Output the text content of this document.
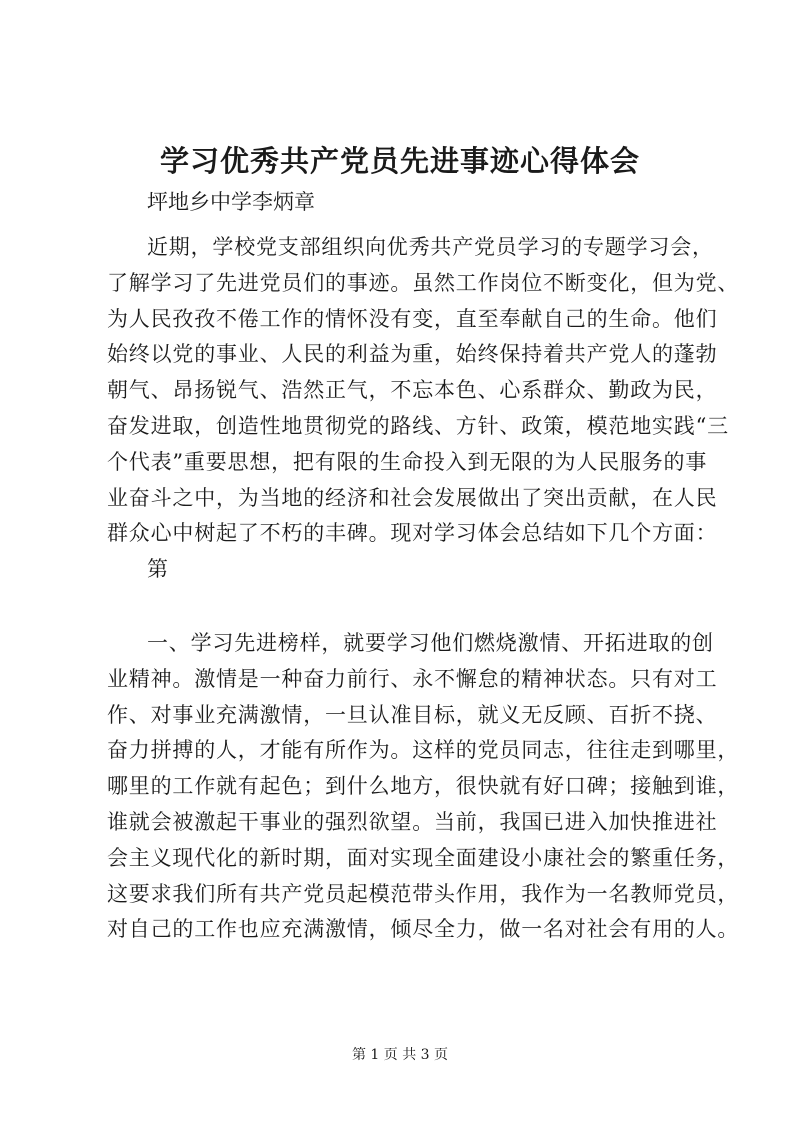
学习优秀共产党员先进事迹心得体会
坪地乡中学李炳章
近期，学校党支部组织向优秀共产党员学习的专题学习会，
了解学习了先进党员们的事迹。虽然工作岗位不断变化，但为党、
为人民孜孜不倦工作的情怀没有变，直至奉献自己的生命。他们
始终以党的事业、人民的利益为重，始终保持着共产党人的蓬勃
朝气、昂扬锐气、浩然正气，不忘本色、心系群众、勤政为民，
奋发进取，创造性地贯彻党的路线、方针、政策，模范地实践“三
个代表”重要思想，把有限的生命投入到无限的为人民服务的事
业奋斗之中，为当地的经济和社会发展做出了突出贡献，在人民
群众心中树起了不朽的丰碑。现对学习体会总结如下几个方面：
第
一、学习先进榜样，就要学习他们燃烧激情、开拓进取的创
业精神。激情是一种奋力前行、永不懈怠的精神状态。只有对工
作、对事业充满激情，一旦认准目标，就义无反顾、百折不挠、
奋力拼搏的人，才能有所作为。这样的党员同志，往往走到哪里，
哪里的工作就有起色；到什么地方，很快就有好口碑；接触到谁，
谁就会被激起干事业的强烈欲望。当前，我国已进入加快推进社
会主义现代化的新时期，面对实现全面建设小康社会的繁重任务，
这要求我们所有共产党员起模范带头作用，我作为一名教师党员，
对自己的工作也应充满激情，倾尽全力，做一名对社会有用的人。
第 1 页 共 3 页
